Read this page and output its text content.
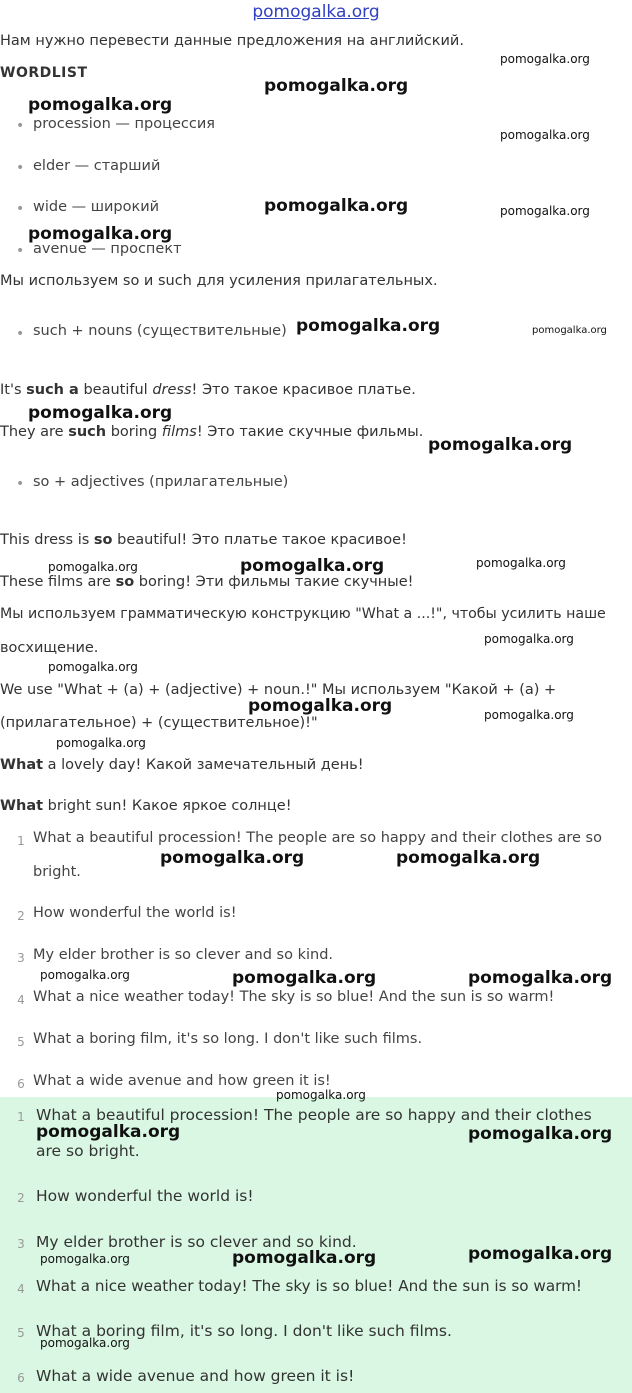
pomogalka.org
Нам нужно перевести данные предложения на английский.
WORDLIST
• procession — процессия
• elder — старший
• wide — широкий
• avenue — проспект
Мы используем so и such для усиления прилагательных.
• such + nouns (существительные)
It's such a beautiful dress! Это такое красивое платье.
They are such boring films! Это такие скучные фильмы.
• so + adjectives (прилагательные)
This dress is so beautiful! Это платье такое красивое!
These films are so boring! Эти фильмы такие скучные!
Мы используем грамматическую конструкцию "What a ...!", чтобы усилить наше
восхищение.
We use "What + (a) + (adjective) + noun.!" Мы используем "Какой + (a) +
(прилагательное) + (существительное)!"
What a lovely day! Какой замечательный день!
What bright sun! Какое яркое солнце!
1 What a beautiful procession! The people are so happy and their clothes are so
bright.
2 How wonderful the world is!
3 My elder brother is so clever and so kind.
4 What a nice weather today! The sky is so blue! And the sun is so warm!
5 What a boring film, it's so long. I don't like such films.
6 What a wide avenue and how green it is!
1 What a beautiful procession! The people are so happy and their clothes
are so bright.
2 How wonderful the world is!
3 My elder brother is so clever and so kind.
4 What a nice weather today! The sky is so blue! And the sun is so warm!
5 What a boring film, it's so long. I don't like such films.
6 What a wide avenue and how green it is!
pomogalka.org
pomogalka.org
pomogalka.org
pomogalka.org
pomogalka.org	pomogalka.org
pomogalka.org
pomogalka.org	pomogalka.org
pomogalka.org
pomogalka.org
pomogalka.org	pomogalka.org	pomogalka.org
pomogalka.org
pomogalka.org
pomogalka.org	pomogalka.org
pomogalka.org
pomogalka.org	pomogalka.org
pomogalka.org	pomogalka.org	pomogalka.org
pomogalka.org
pomogalka.org	pomogalka.org
pomogalka.org
pomogalka.org	pomogalka.org
pomogalka.org
